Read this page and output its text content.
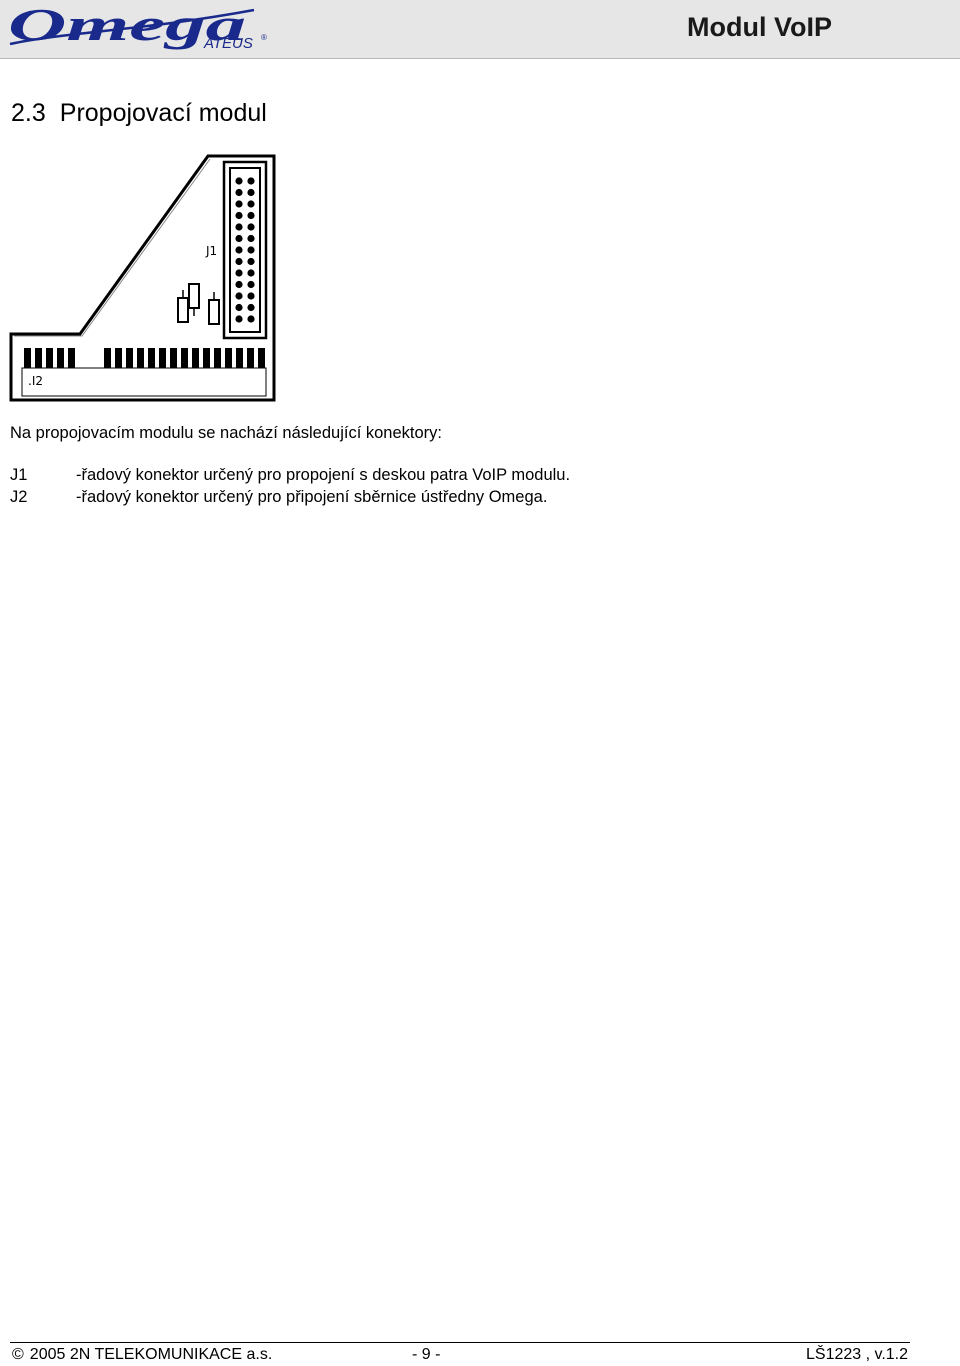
Omega
ATEUS ®	Modul VoIP
2.3 Propojovací modul
J1
.I2
Na propojovacím modulu se nachází následující konektory:
J1	-řadový konektor určený pro propojení s deskou patra VoIP modulu.
J2	-řadový konektor určený pro připojení sběrnice ústředny Omega.
© 2005 2N TELEKOMUNIKACE a.s.	- 9 -	LŠ1223 , v.1.2
